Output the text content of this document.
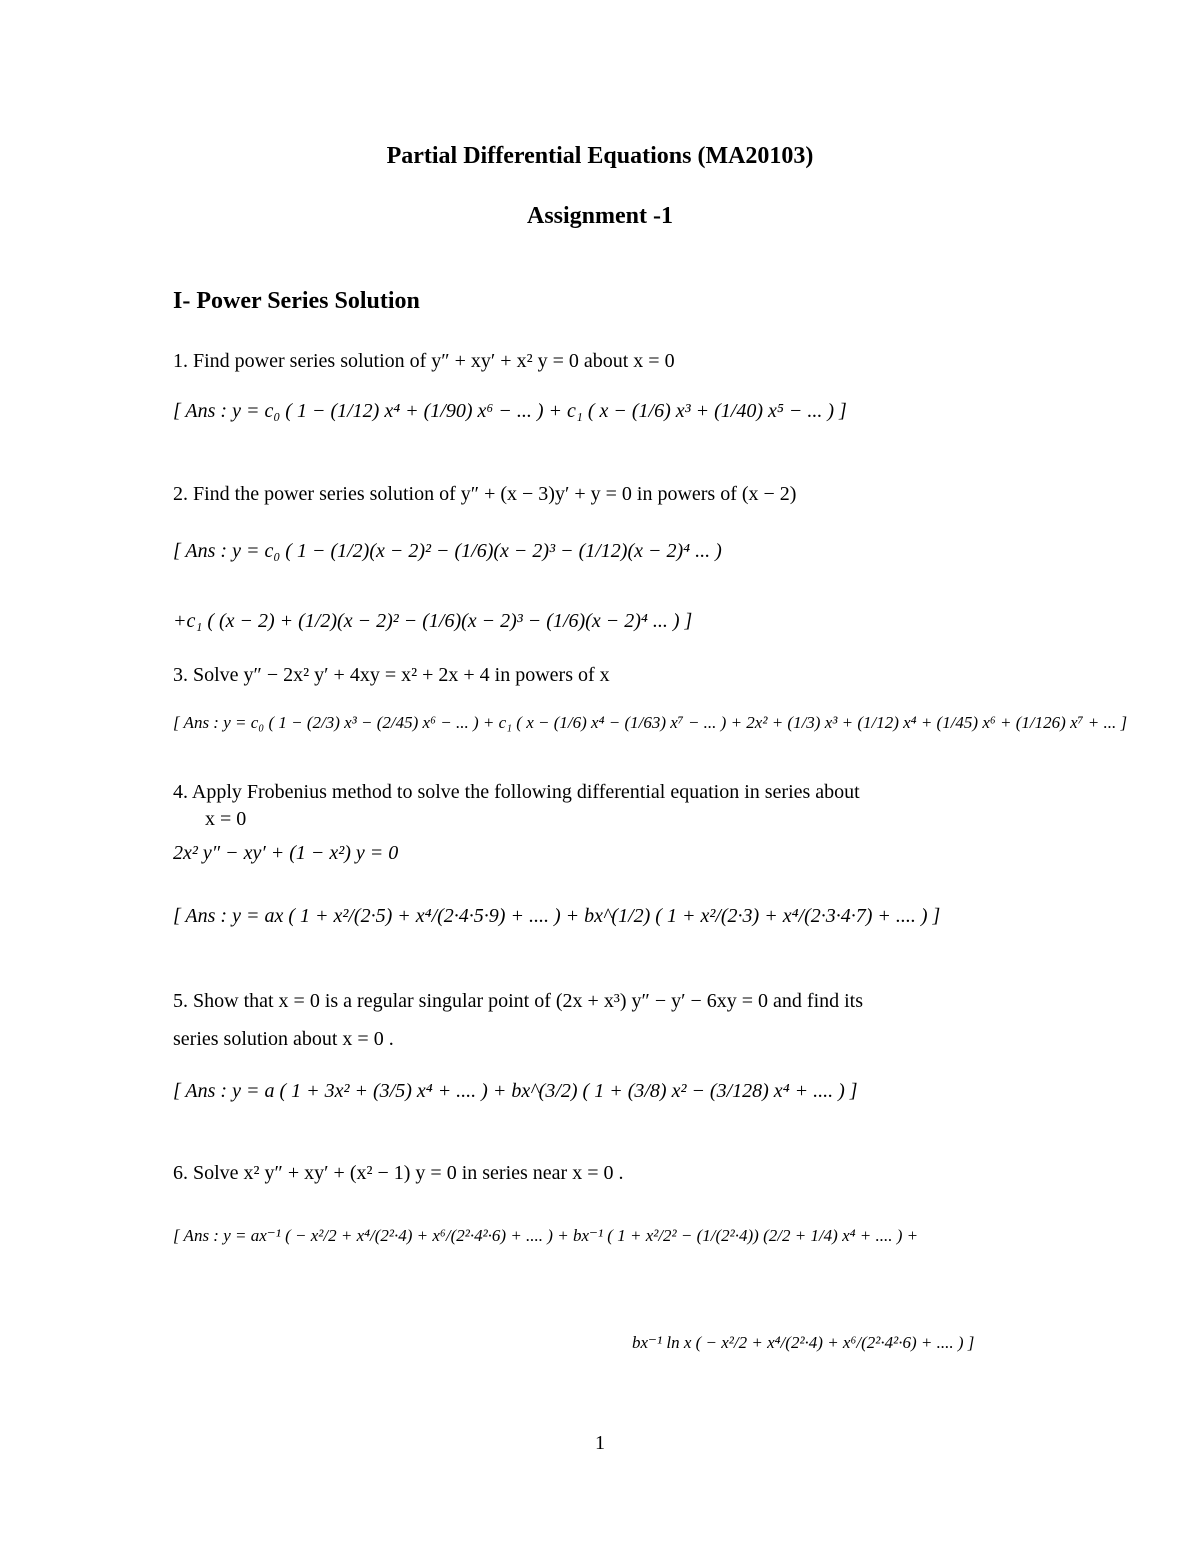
Partial Differential Equations (MA20103)
Assignment -1
I- Power Series Solution
1. Find power series solution of y″ + xy′ + x² y = 0 about x = 0
[ Ans : y = c₀ ( 1 − (1/12) x⁴ + (1/90) x⁶ − ... ) + c₁ ( x − (1/6) x³ + (1/40) x⁵ − ... ) ]
2. Find the power series solution of y″ + (x − 3)y′ + y = 0 in powers of (x − 2)
[ Ans : y = c₀ ( 1 − (1/2)(x − 2)² − (1/6)(x − 2)³ − (1/12)(x − 2)⁴ ... )
+c₁ ( (x − 2) + (1/2)(x − 2)² − (1/6)(x − 2)³ − (1/6)(x − 2)⁴ ... ) ]
3. Solve y″ − 2x² y′ + 4xy = x² + 2x + 4 in powers of x
[ Ans : y = c₀ ( 1 − (2/3) x³ − (2/45) x⁶ − ... ) + c₁ ( x − (1/6) x⁴ − (1/63) x⁷ − ... ) + 2x² + (1/3) x³ + (1/12) x⁴ + (1/45) x⁶ + (1/126) x⁷ + ... ]
4. Apply Frobenius method to solve the following differential equation in series about
x = 0
2x² y″ − xy′ + (1 − x²) y = 0
[ Ans : y = ax ( 1 + x²/(2·5) + x⁴/(2·4·5·9) + .... ) + bx^(1/2) ( 1 + x²/(2·3) + x⁴/(2·3·4·7) + .... ) ]
5. Show that x = 0 is a regular singular point of (2x + x³) y″ − y′ − 6xy = 0 and find its
series solution about x = 0 .
[ Ans : y = a ( 1 + 3x² + (3/5) x⁴ + .... ) + bx^(3/2) ( 1 + (3/8) x² − (3/128) x⁴ + .... ) ]
6. Solve x² y″ + xy′ + (x² − 1) y = 0 in series near x = 0 .
[ Ans : y = ax⁻¹ ( − x²/2 + x⁴/(2²·4) + x⁶/(2²·4²·6) + .... ) + bx⁻¹ ( 1 + x²/2² − (1/(2²·4)) (2/2 + 1/4) x⁴ + .... ) +
bx⁻¹ ln x ( − x²/2 + x⁴/(2²·4) + x⁶/(2²·4²·6) + .... ) ]
1
